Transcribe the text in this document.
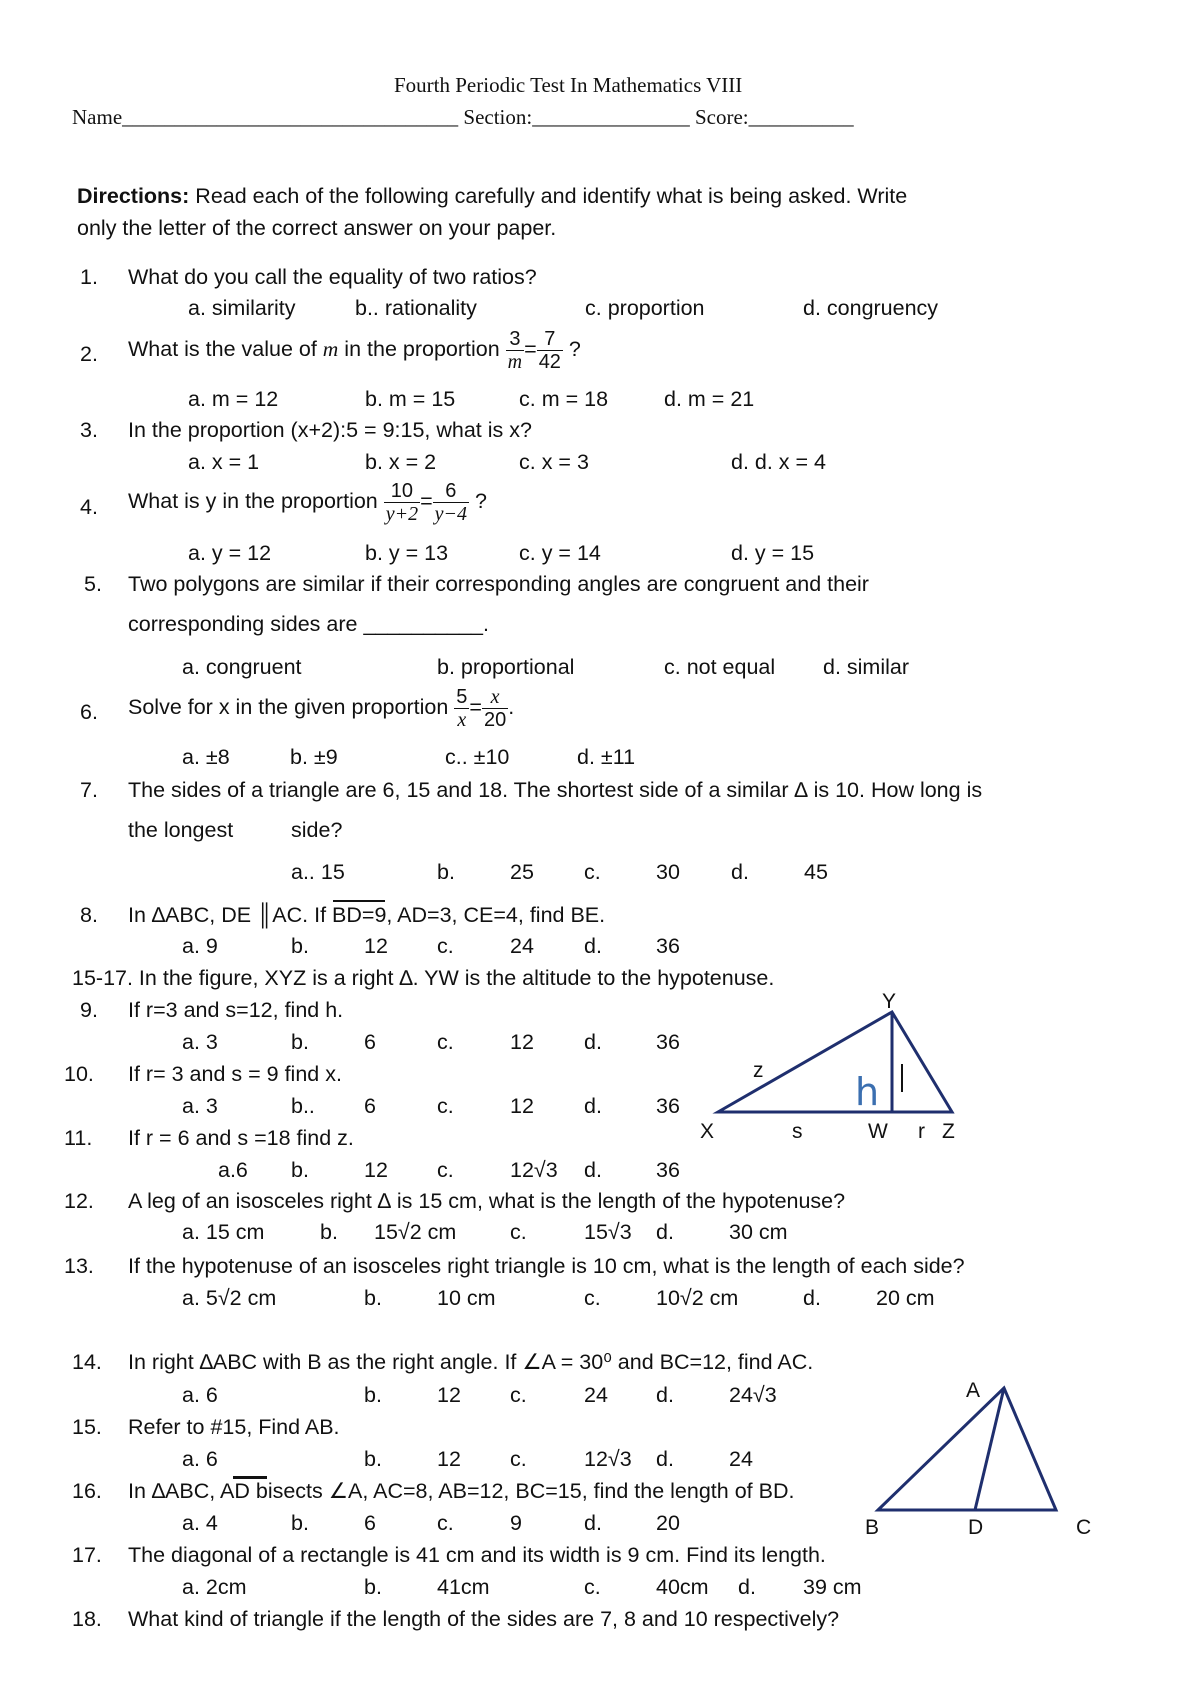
Fourth Periodic Test In Mathematics VIII
Name________________________________ Section:_______________ Score:__________
Directions: Read each of the following carefully and identify what is being asked. Write
only the letter of the correct answer on your paper.
1. What do you call the equality of two ratios?
a. similarity	b.. rationality	c. proportion	d. congruency
2. What is the value of m in the proportion $\frac{3}{m} = \frac{7}{42}$ ?
a. m = 12	b. m = 15	c. m = 18	d. m = 21
3. In the proportion (x+2):5 = 9:15, what is x?
a. x = 1	b. x = 2	c. x = 3	d. d. x = 4
4. What is y in the proportion $\frac{10}{y+2} = \frac{6}{y-4}$ ?
a. y = 12	b. y = 13	c. y = 14	d. y = 15
5. Two polygons are similar if their corresponding angles are congruent and their
corresponding sides are __________.
a. congruent	b. proportional	c. not equal d. similar
6. Solve for x in the given proportion $\frac{5}{x} = \frac{x}{20}$ .
a. ±8	b. ±9	c.. ±10	d. ±11
7. The sides of a triangle are 6, 15 and 18. The shortest side of a similar ∆ is 10. How long is
the longest	side?
a.. 15	b.	25 c.	30 d.	45
8. In ∆ABC, DE ║AC. If BD=9, AD=3, CE=4, find BE.
a. 9	b.	12 c.	24 d.	36
15-17. In the figure, XYZ is a right ∆. YW is the altitude to the hypotenuse.
9. If r=3 and s=12, find h.
a. 3	b.	6	c.	12 d.	36
10. If r= 3 and s = 9 find x.
a. 3	b.. 6	c.	12 d.	36
11. If r = 6 and s =18 find z.
a.6 b.	12 c.	12√3 d.	36
12. A leg of an isosceles right ∆ is 15 cm, what is the length of the hypotenuse?
a. 15 cm	b. 15√2 cm c.	15√3 d.	30 cm
13. If the hypotenuse of an isosceles right triangle is 10 cm, what is the length of each side?
a. 5√2 cm	b.	10 cm	c.	10√2 cm	d.	20 cm
14. In right ∆ABC with B as the right angle. If ∠A = 30⁰ and BC=12, find AC.
a. 6	b.	12 c.	24 d.	24√3
15. Refer to #15, Find AB.
a. 6	b.	12 c.	12√3 d.	24
16. In ∆ABC, AD bisects ∠A, AC=8, AB=12, BC=15, find the length of BD.
a. 4	b.	6	c.	9	d.	20
17. The diagonal of a rectangle is 41 cm and its width is 9 cm. Find its length.
a. 2cm	b.	41cm	c.	40cm d. 39 cm
18. What kind of triangle if the length of the sides are 7, 8 and 10 respectively?
Y
z h
X	s	W r Z
A
B	D	C
